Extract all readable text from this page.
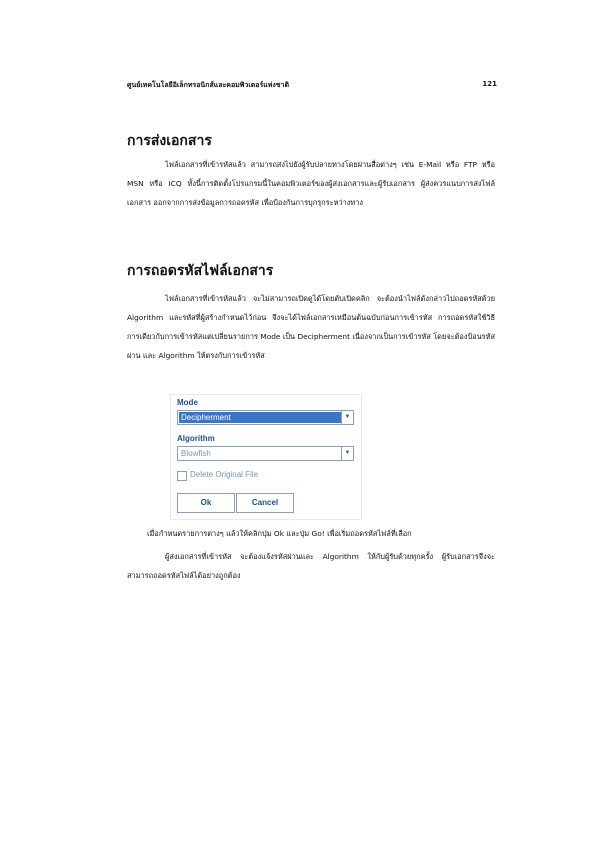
ศูนย์เทคโนโลยีอิเล็กทรอนิกส์และคอมพิวเตอร์แห่งชาติ	121
การส่งเอกสาร
ไฟล์เอกสารที่เข้ารหัสแล้ว สามารถส่งไปยังผู้รับปลายทางโดยผ่านสื่อต่างๆ เช่น E-Mail หรือ FTP หรือ MSN หรือ ICQ ทั้งนี้การติดตั้งโปรแกรมนี้ในคอมพิวเตอร์ของผู้ส่งเอกสารและผู้รับเอกสาร ผู้ส่งควรแนบการส่งไฟล์เอกสาร ออกจากการส่งข้อมูลการถอดรหัส เพื่อป้องกันการบุกรุกระหว่างทาง
การถอดรหัสไฟล์เอกสาร
ไฟล์เอกสารที่เข้ารหัสแล้ว จะไม่สามารถเปิดดูได้โดยตับเปิดคลิก จะต้องนำไฟล์ดังกล่าวไปถอดรหัสด้วย Algorithm และรหัสที่ผู้สร้างกำหนดไว้ก่อน จึงจะได้ไฟล์เอกสารเหมือนต้นฉบับก่อนการเข้ารหัส การถอดรหัสใช้วิธีการเดียวกับการเข้ารหัสแต่เปลี่ยนรายการ Mode เป็น Decipherment เนื่องจากเป็นการเข้ารหัส โดยจะต้องป้อนรหัสผ่าน และ Algorithm ให้ตรงกับการเข้ารหัส
Mode
Decipherment	▼
Algorithm
Blowfish	▼
Delete Original File
Ok	Cancel
เมื่อกำหนดรายการต่างๆ แล้วให้คลิกปุ่ม Ok และปุ่ม Go! เพื่อเริ่มถอดรหัสไฟล์ที่เลือก
ผู้ส่งเอกสารที่เข้ารหัส จะต้องแจ้งรหัสผ่านและ Algorithm ให้กับผู้รับด้วยทุกครั้ง ผู้รับเอกสารจึงจะสามารถถอดรหัสไฟล์ได้อย่างถูกต้อง
